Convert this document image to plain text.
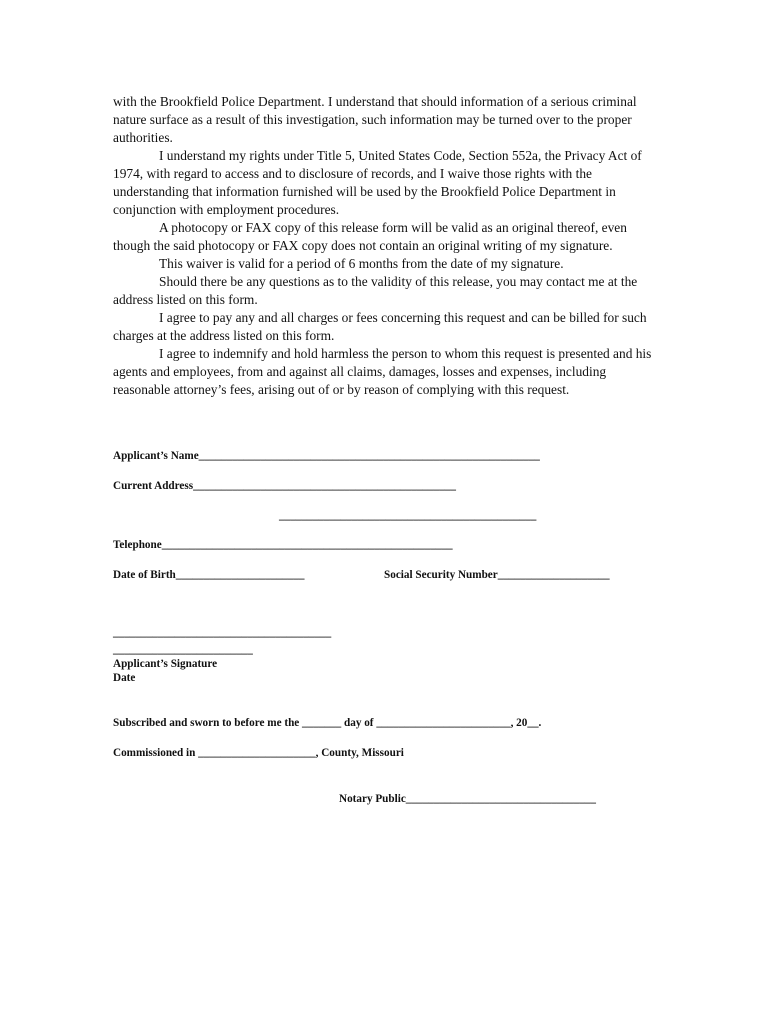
with the Brookfield Police Department. I understand that should information of a serious criminal nature surface as a result of this investigation, such information may be turned over to the proper authorities.

I understand my rights under Title 5, United States Code, Section 552a, the Privacy Act of 1974, with regard to access and to disclosure of records, and I waive those rights with the understanding that information furnished will be used by the Brookfield Police Department in conjunction with employment procedures.

A photocopy or FAX copy of this release form will be valid as an original thereof, even though the said photocopy or FAX copy does not contain an original writing of my signature.

This waiver is valid for a period of 6 months from the date of my signature.

Should there be any questions as to the validity of this release, you may contact me at the address listed on this form.

I agree to pay any and all charges or fees concerning this request and can be billed for such charges at the address listed on this form.

I agree to indemnify and hold harmless the person to whom this request is presented and his agents and employees, from and against all claims, damages, losses and expenses, including reasonable attorney’s fees, arising out of or by reason of complying with this request.

Applicant’s Name_____________________________________________________________
Current Address_______________________________________________
______________________________________________
Telephone____________________________________________________
Date of Birth_______________________	Social Security Number____________________
_______________________________________
_________________________
Applicant’s Signature
Date
Subscribed and sworn to before me the _______ day of ________________________, 20__.
Commissioned in _____________________, County, Missouri
Notary Public__________________________________
